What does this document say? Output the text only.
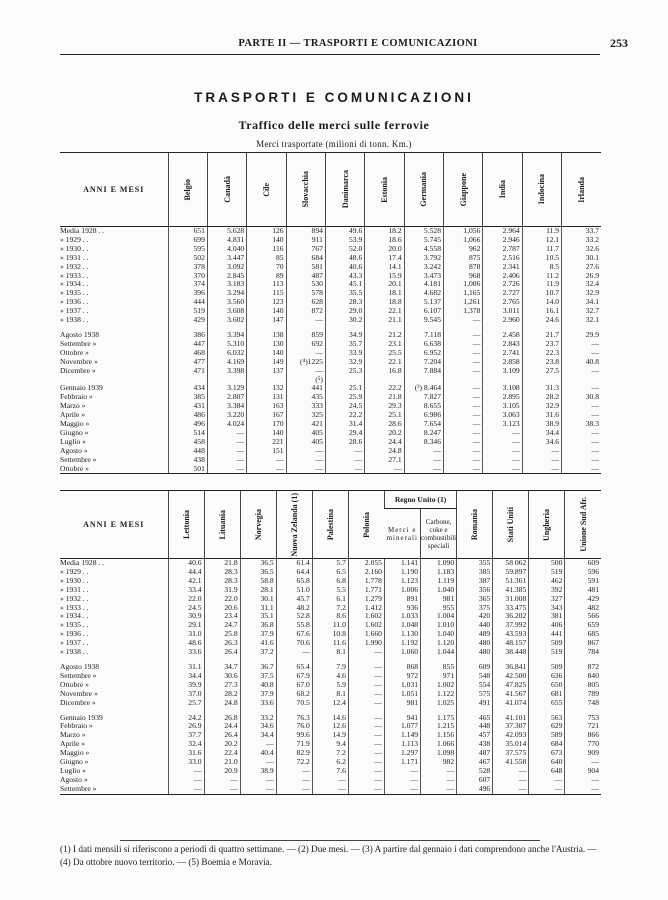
PARTE II — TRASPORTI E COMUNICAZIONI	253
TRASPORTI E COMUNICAZIONI
Traffico delle merci sulle ferrovie
Merci trasportate (milioni di tonn. Km.)
ANNI E MESI	Belgio	Canadà	Cile	Slovacchia	Danimarca	Estonia	Germania	Giappone	India	Indocina	Irlanda

Media 1928 . .	651	5.628	126	894	49.6	18.2	5.528	1,056	2.964	11.9	33.7
» 1929 . .	699	4.831	140	911	53.9	18.6	5.745	1,066	2.946	12.1	33.2
» 1930 . .	595	4.040	116	767	52.0	20.0	4.558	962	2.787	11.7	32.6
» 1931 . .	502	3.447	85	684	48.6	17.4	3.792	875	2.516	10.5	30.1
» 1932 . .	378	3.092	70	581	40.6	14.1	3.242	878	2.341	8.5	27.6
» 1933 . .	370	2.845	89	487	43.3	15.9	3.473	968	2.406	11.2	26.9
» 1934 . .	374	3.183	113	530	45.1	20.1	4.181	1,086	2.726	11.9	32.4
» 1935 . .	396	3.294	115	578	35.5	18.1	4.682	1,165	2.727	10.7	32.9
» 1936 . .	444	3.560	123	628	28.3	18.8	5.137	1,261	2.765	14.0	34.1
» 1937 . .	519	3.608	140	872	29.0	22.1	6.107	1,378	3.011	16.1	32.7
» 1938 . .	429	3.602	147	—	30.2	21.1	9.545	—	2.960	24.6	32.1

Agosto 1938	386	3.394	138	859	34.9	21.2	7.118	—	2.458	21.7	29.9
Settembre »	447	5.310	130	692	35.7	23.1	6.638	—	2.843	23.7	—
Ottobre »	468	6.032	140	—	33.9	25.5	6.952	—	2.741	22.3	—
Novembre »	477	4.169	149	(⁴)1225	32.9	22.1	7.204	—	2.858	23.8	40.8
Dicembre »	471	3.398	137	—	25.3	16.8	7.884	—	3.109	27.5	—
				(⁵)							
Gennaio 1939	434	3.129	132	441	25.1	22.2	(³) 8.464	—	3.108	31.3	—
Febbraio »	385	2.807	131	435	25.9	21.8	7.827	—	2.895	28.2	30.8
Marzo »	431	3.384	163	333	24.5	29.3	8.655	—	3.105	32.9	—
Aprile »	486	3.220	167	325	22.2	25.1	6.986	—	3.063	31.6	—
Maggio »	496	4.024	170	421	31.4	28.6	7.654	—	3.123	38.9	38.3
Giugno »	514	—	140	405	29.4	20.2	8.247	—	—	34.4	—
Luglio »	458	—	221	405	28.6	24.4	8.346	—	—	34.6	—
Agosto »	448	—	151	—	—	24.8	—	—	—	—	—
Settembre »	438	—	—	—	—	27.1	—	—	—	—	—
Ottobre »	501	—	—	—	—	—	—	—	—	—	—
ANNI E MESI	Lettonia	Lituania	Norvegia	Nuova Zelanda (1)	Palestina	Polonia	Regno Unito (1)		Romania	Stati Uniti	Ungheria	Unione Sud Afr.

							Merci e minerali	Carbone, coke e combustibili speciali				

Media 1928 . .	40.6	21.8	36.5	61.4	5.7	2.055	1.141	1.090	355	58 062	500	609
» 1929 . .	44.4	28.3	36.5	64.4	6.5	2.160	1.190	1.183	385	59.897	519	596
» 1930 . .	42.1	28.3	58.8	65.8	6.8	1.778	1.123	1.119	387	51.361	462	591
» 1931 . .	33.4	31.9	28.1	51.0	5.5	1.771	1.006	1.040	356	41.385	392	481
» 1932 . .	22.0	22.0	30.1	45.7	6.1	1.279	891	981	365	31.008	327	429
» 1933 . .	24.5	20.6	31.1	48.2	7.2	1.412	936	955	375	33.475	343	482
» 1934 . .	30.9	23.4	35.1	52.8	8.6	1.602	1.033	1.004	420	36.202	381	566
» 1935 . .	29.1	24.7	36.8	55.8	11.0	1.602	1.048	1.010	440	37.992	406	659
» 1936 . .	31.0	25.8	37.9	67.6	10.8	1.660	1.130	1.040	489	43.593	441	685
» 1937 . .	48.6	26.3	41.6	70.6	11.6	1.990	1.192	1.120	480	48.157	509	867
» 1938 . .	33.6	26.4	37.2	—	8.1	—	1.060	1.044	480	38.448	519	784

Agosto 1938	31.1	34.7	36.7	65.4	7.9	—	868	855	609	36.841	509	872
Settembre »	34.4	30.6	37.5	67.9	4.6	—	972	971	548	42.500	636	840
Ottobre »	39.9	27.3	40.8	67.0	5.9	—	1.031	1.002	554	47.825	650	805
Novembre »	37.0	28.2	37.9	68.2	8.1	—	1.051	1.122	575	41.567	681	789
Dicembre »	25.7	24.8	33.6	70.5	12.4	—	981	1.025	491	41.074	655	748

Gennaio 1939	24.2	26.8	33.2	76.3	14.6	—	941	1.175	465	41.101	563	753
Febbraio »	26.9	24.4	34.6	76.0	12.6	—	1.077	1.215	448	37.307	629	721
Marzo »	37.7	26.4	34.4	99.6	14.9	—	1.149	1.156	457	42.093	589	866
Aprile »	32.4	20.2	—	71.9	9.4	—	1.113	1.066	438	35.014	684	770
Maggio »	31.6	22.4	40.4	82.9	7.2	—	1.297	1.098	487	37.575	673	909
Giugno »	33.0	21.0	—	72.2	6.2	—	1.171	982	467	41.558	640	—
Luglio »	—	20.9	38.9	—	7.6	—	—	—	528	—	648	904
Agosto »	—	—	—	—	—	—	—	—	607	—	—	—
Settembre »	—	—	—	—	—	—	—	—	496	—	—	—
(1) I dati mensili si riferiscono a periodi di quattro settimane. — (2) Due mesi. — (3) A partire dal gennaio i dati comprendono anche l'Austria. — (4) Da ottobre nuovo territorio. — (5) Boemia e Moravia.
